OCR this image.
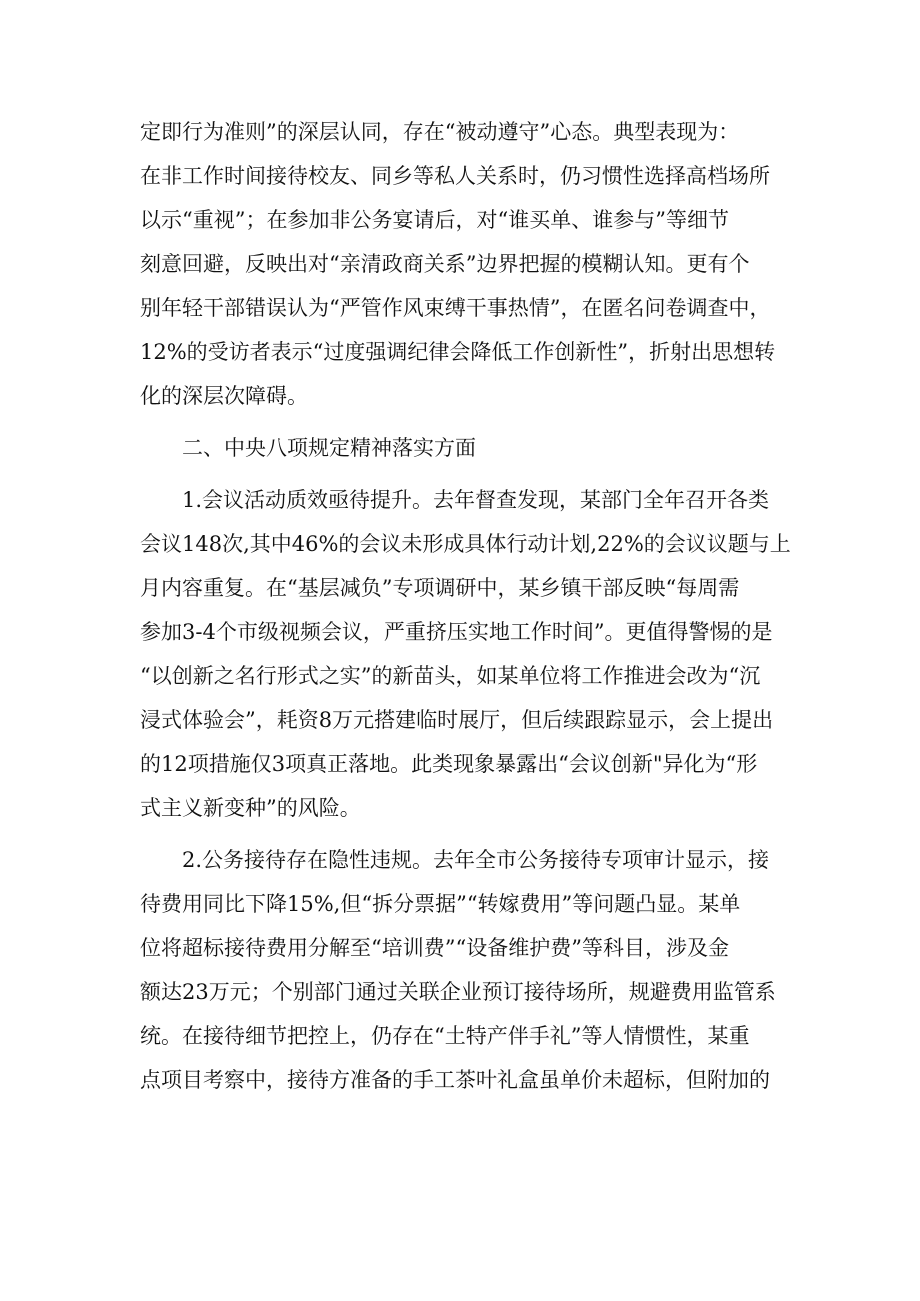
定即行为准则”的深层认同，存在“被动遵守”心态。典型表现为：
在非工作时间接待校友、同乡等私人关系时，仍习惯性选择高档场所
以示“重视”；在参加非公务宴请后，对“谁买单、谁参与”等细节
刻意回避，反映出对“亲清政商关系”边界把握的模糊认知。更有个
别年轻干部错误认为“严管作风束缚干事热情”，在匿名问卷调查中，
12%的受访者表示“过度强调纪律会降低工作创新性”，折射出思想转
化的深层次障碍。
　　二、中央八项规定精神落实方面
　　1.会议活动质效亟待提升。去年督查发现，某部门全年召开各类
会议148次,其中46%的会议未形成具体行动计划,22%的会议议题与上
月内容重复。在“基层减负”专项调研中，某乡镇干部反映“每周需
参加3-4个市级视频会议，严重挤压实地工作时间”。更值得警惕的是
“以创新之名行形式之实”的新苗头，如某单位将工作推进会改为“沉
浸式体验会”，耗资8万元搭建临时展厅，但后续跟踪显示，会上提出
的12项措施仅3项真正落地。此类现象暴露出“会议创新"异化为“形
式主义新变种”的风险。
　　2.公务接待存在隐性违规。去年全市公务接待专项审计显示，接
待费用同比下降15%,但“拆分票据”“转嫁费用”等问题凸显。某单
位将超标接待费用分解至“培训费”“设备维护费”等科目，涉及金
额达23万元；个别部门通过关联企业预订接待场所，规避费用监管系
统。在接待细节把控上，仍存在“土特产伴手礼”等人情惯性，某重
点项目考察中，接待方准备的手工茶叶礼盒虽单价未超标，但附加的
